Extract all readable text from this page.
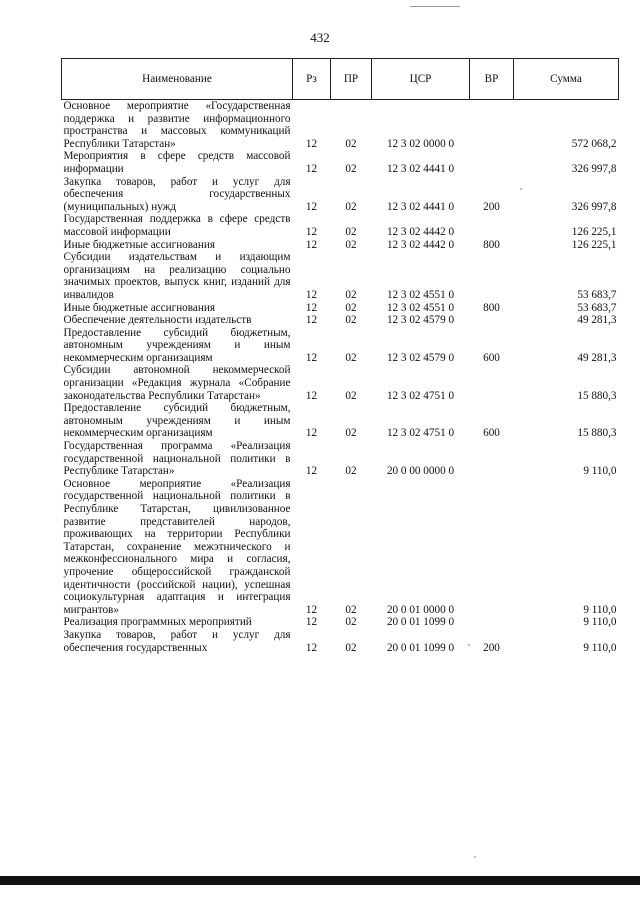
432
Наименование	Рз	ПР	ЦСР	ВР	Сумма
Основное мероприятие «Государственная поддержка и развитие информационного пространства и массовых коммуникаций Республики Татарстан»	12	02	12 3 02 0000 0		572 068,2
Мероприятия в сфере средств массовой информации	12	02	12 3 02 4441 0		326 997,8
Закупка товаров, работ и услуг для обеспечения государственных (муниципальных) нужд	12	02	12 3 02 4441 0	200	326 997,8
Государственная поддержка в сфере средств массовой информации	12	02	12 3 02 4442 0		126 225,1
Иные бюджетные ассигнования	12	02	12 3 02 4442 0	800	126 225,1
Субсидии издательствам и издающим организациям на реализацию социально значимых проектов, выпуск книг, изданий для инвалидов	12	02	12 3 02 4551 0		53 683,7
Иные бюджетные ассигнования	12	02	12 3 02 4551 0	800	53 683,7
Обеспечение деятельности издательств	12	02	12 3 02 4579 0		49 281,3
Предоставление субсидий бюджетным, автономным учреждениям и иным некоммерческим организациям	12	02	12 3 02 4579 0	600	49 281,3
Субсидии автономной некоммерческой организации «Редакция журнала «Собрание законодательства Республики Татарстан»	12	02	12 3 02 4751 0		15 880,3
Предоставление субсидий бюджетным, автономным учреждениям и иным некоммерческим организациям	12	02	12 3 02 4751 0	600	15 880,3
Государственная программа «Реализация государственной национальной политики в Республике Татарстан»	12	02	20 0 00 0000 0		9 110,0
Основное мероприятие «Реализация государственной национальной политики в Республике Татарстан, цивилизованное развитие представителей народов, проживающих на территории Республики Татарстан, сохранение межэтнического и межконфессионального мира и согласия, упрочение общероссийской гражданской идентичности (российской нации), успешная социокультурная адаптация и интеграция мигрантов»	12	02	20 0 01 0000 0		9 110,0
Реализация программных мероприятий	12	02	20 0 01 1099 0		9 110,0
Закупка товаров, работ и услуг для обеспечения государственных	12	02	20 0 01 1099 0	200	9 110,0
